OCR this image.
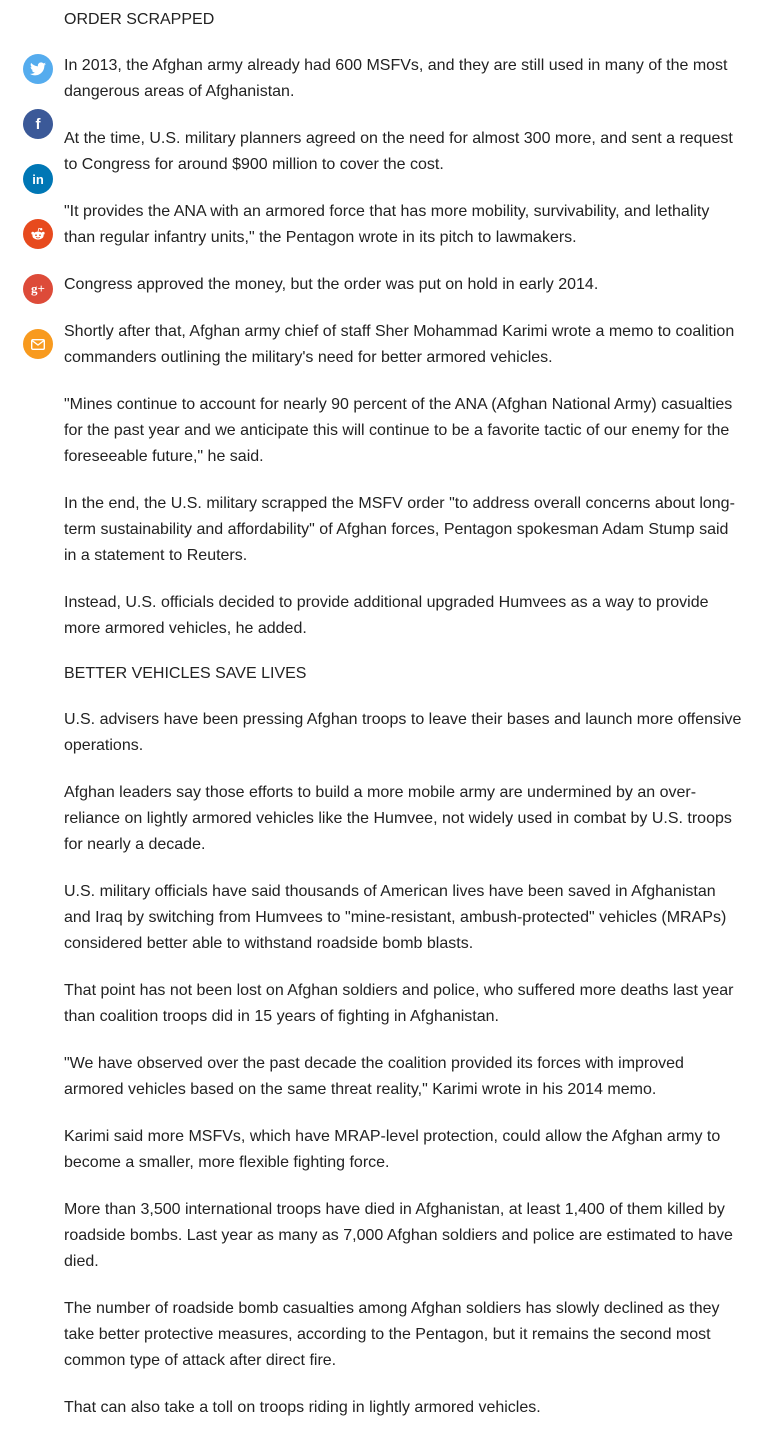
f
in
g+
ORDER SCRAPPED

In 2013, the Afghan army already had 600 MSFVs, and they are still used in many of the most dangerous areas of Afghanistan.

At the time, U.S. military planners agreed on the need for almost 300 more, and sent a request to Congress for around $900 million to cover the cost.

"It provides the ANA with an armored force that has more mobility, survivability, and lethality than regular infantry units," the Pentagon wrote in its pitch to lawmakers.

Congress approved the money, but the order was put on hold in early 2014.

Shortly after that, Afghan army chief of staff Sher Mohammad Karimi wrote a memo to coalition commanders outlining the military's need for better armored vehicles.

"Mines continue to account for nearly 90 percent of the ANA (Afghan National Army) casualties for the past year and we anticipate this will continue to be a favorite tactic of our enemy for the foreseeable future," he said.

In the end, the U.S. military scrapped the MSFV order "to address overall concerns about long-term sustainability and affordability" of Afghan forces, Pentagon spokesman Adam Stump said in a statement to Reuters.

Instead, U.S. officials decided to provide additional upgraded Humvees as a way to provide more armored vehicles, he added.

BETTER VEHICLES SAVE LIVES

U.S. advisers have been pressing Afghan troops to leave their bases and launch more offensive operations.

Afghan leaders say those efforts to build a more mobile army are undermined by an over-reliance on lightly armored vehicles like the Humvee, not widely used in combat by U.S. troops for nearly a decade.

U.S. military officials have said thousands of American lives have been saved in Afghanistan and Iraq by switching from Humvees to "mine-resistant, ambush-protected" vehicles (MRAPs) considered better able to withstand roadside bomb blasts.

That point has not been lost on Afghan soldiers and police, who suffered more deaths last year than coalition troops did in 15 years of fighting in Afghanistan.

"We have observed over the past decade the coalition provided its forces with improved armored vehicles based on the same threat reality," Karimi wrote in his 2014 memo.

Karimi said more MSFVs, which have MRAP-level protection, could allow the Afghan army to become a smaller, more flexible fighting force.

More than 3,500 international troops have died in Afghanistan, at least 1,400 of them killed by roadside bombs. Last year as many as 7,000 Afghan soldiers and police are estimated to have died.

The number of roadside bomb casualties among Afghan soldiers has slowly declined as they take better protective measures, according to the Pentagon, but it remains the second most common type of attack after direct fire.

That can also take a toll on troops riding in lightly armored vehicles.
